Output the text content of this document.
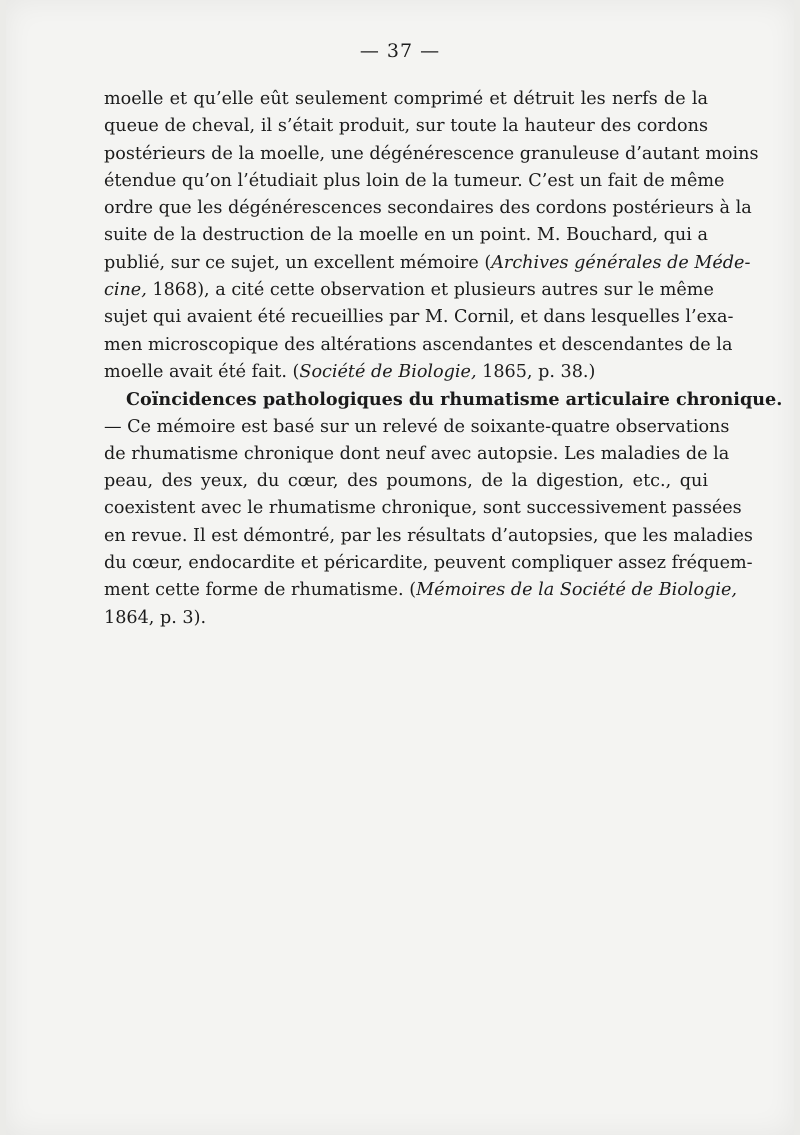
— 37 —
moelle et qu’elle eût seulement comprimé et détruit les nerfs de la
queue de cheval, il s’était produit, sur toute la hauteur des cordons
postérieurs de la moelle, une dégénérescence granuleuse d’autant moins
étendue qu’on l’étudiait plus loin de la tumeur. C’est un fait de même
ordre que les dégénérescences secondaires des cordons postérieurs à la
suite de la destruction de la moelle en un point. M. Bouchard, qui a
publié, sur ce sujet, un excellent mémoire (Archives générales de Méde-
cine, 1868), a cité cette observation et plusieurs autres sur le même
sujet qui avaient été recueillies par M. Cornil, et dans lesquelles l’exa-
men microscopique des altérations ascendantes et descendantes de la
moelle avait été fait. (Société de Biologie, 1865, p. 38.)
Coïncidences pathologiques du rhumatisme articulaire chronique.
— Ce mémoire est basé sur un relevé de soixante-quatre observations
de rhumatisme chronique dont neuf avec autopsie. Les maladies de la
peau, des yeux, du cœur, des poumons, de la digestion, etc., qui
coexistent avec le rhumatisme chronique, sont successivement passées
en revue. Il est démontré, par les résultats d’autopsies, que les maladies
du cœur, endocardite et péricardite, peuvent compliquer assez fréquem-
ment cette forme de rhumatisme. (Mémoires de la Société de Biologie,
1864, p. 3).
